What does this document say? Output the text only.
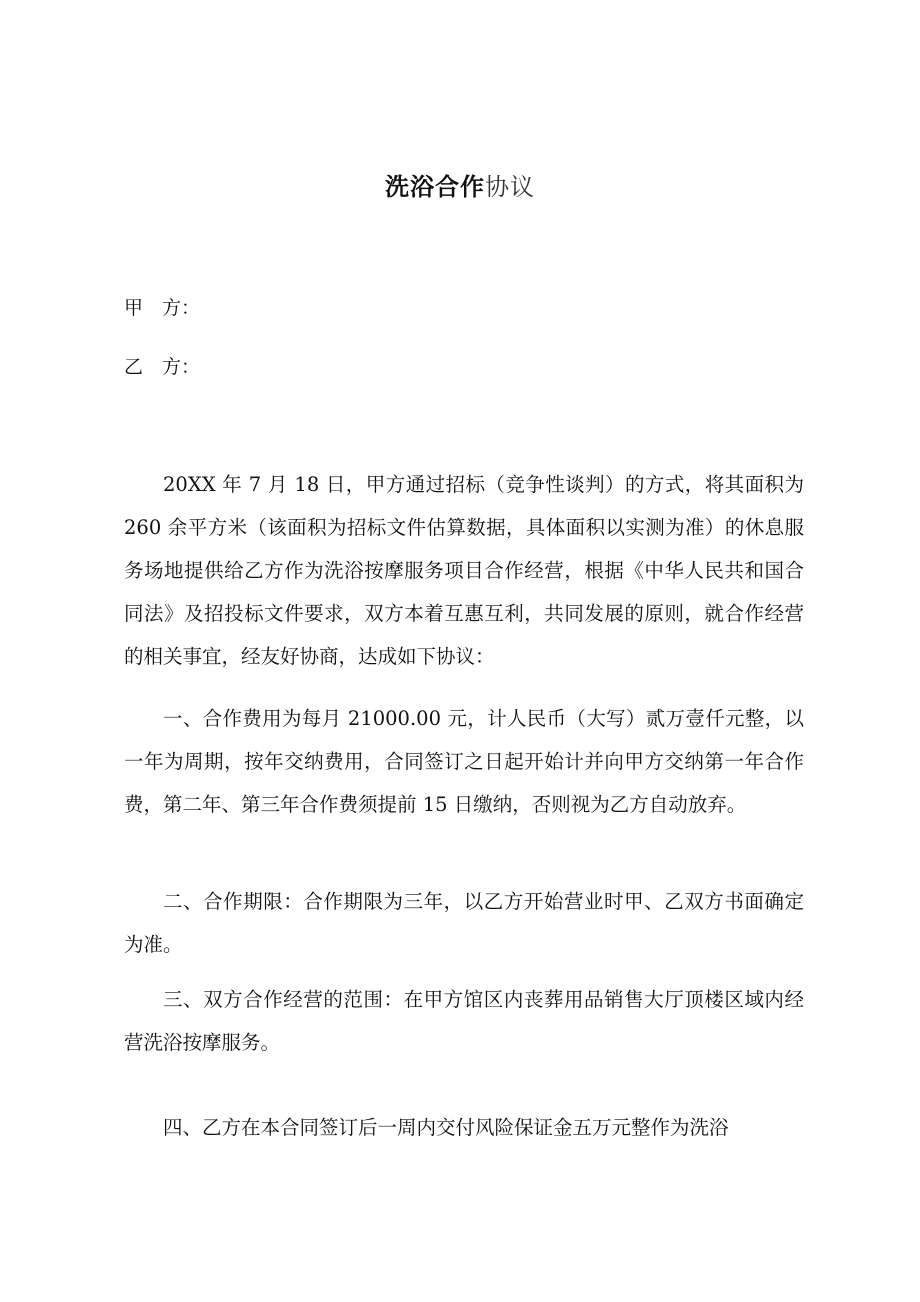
洗浴合作协议
甲　方：
乙　方：

20XX 年 7 月 18 日，甲方通过招标（竞争性谈判）的方式，将其面积为 260 余平方米（该面积为招标文件估算数据，具体面积以实测为准）的休息服务场地提供给乙方作为洗浴按摩服务项目合作经营，根据《中华人民共和国合同法》及招投标文件要求，双方本着互惠互利，共同发展的原则，就合作经营的相关事宜，经友好协商，达成如下协议：

一、合作费用为每月 21000.00 元，计人民币（大写）贰万壹仟元整，以一年为周期，按年交纳费用，合同签订之日起开始计并向甲方交纳第一年合作费，第二年、第三年合作费须提前 15 日缴纳，否则视为乙方自动放弃。

二、合作期限：合作期限为三年，以乙方开始营业时甲、乙双方书面确定为准。

三、双方合作经营的范围：在甲方馆区内丧葬用品销售大厅顶楼区域内经营洗浴按摩服务。

四、乙方在本合同签订后一周内交付风险保证金五万元整作为洗浴
